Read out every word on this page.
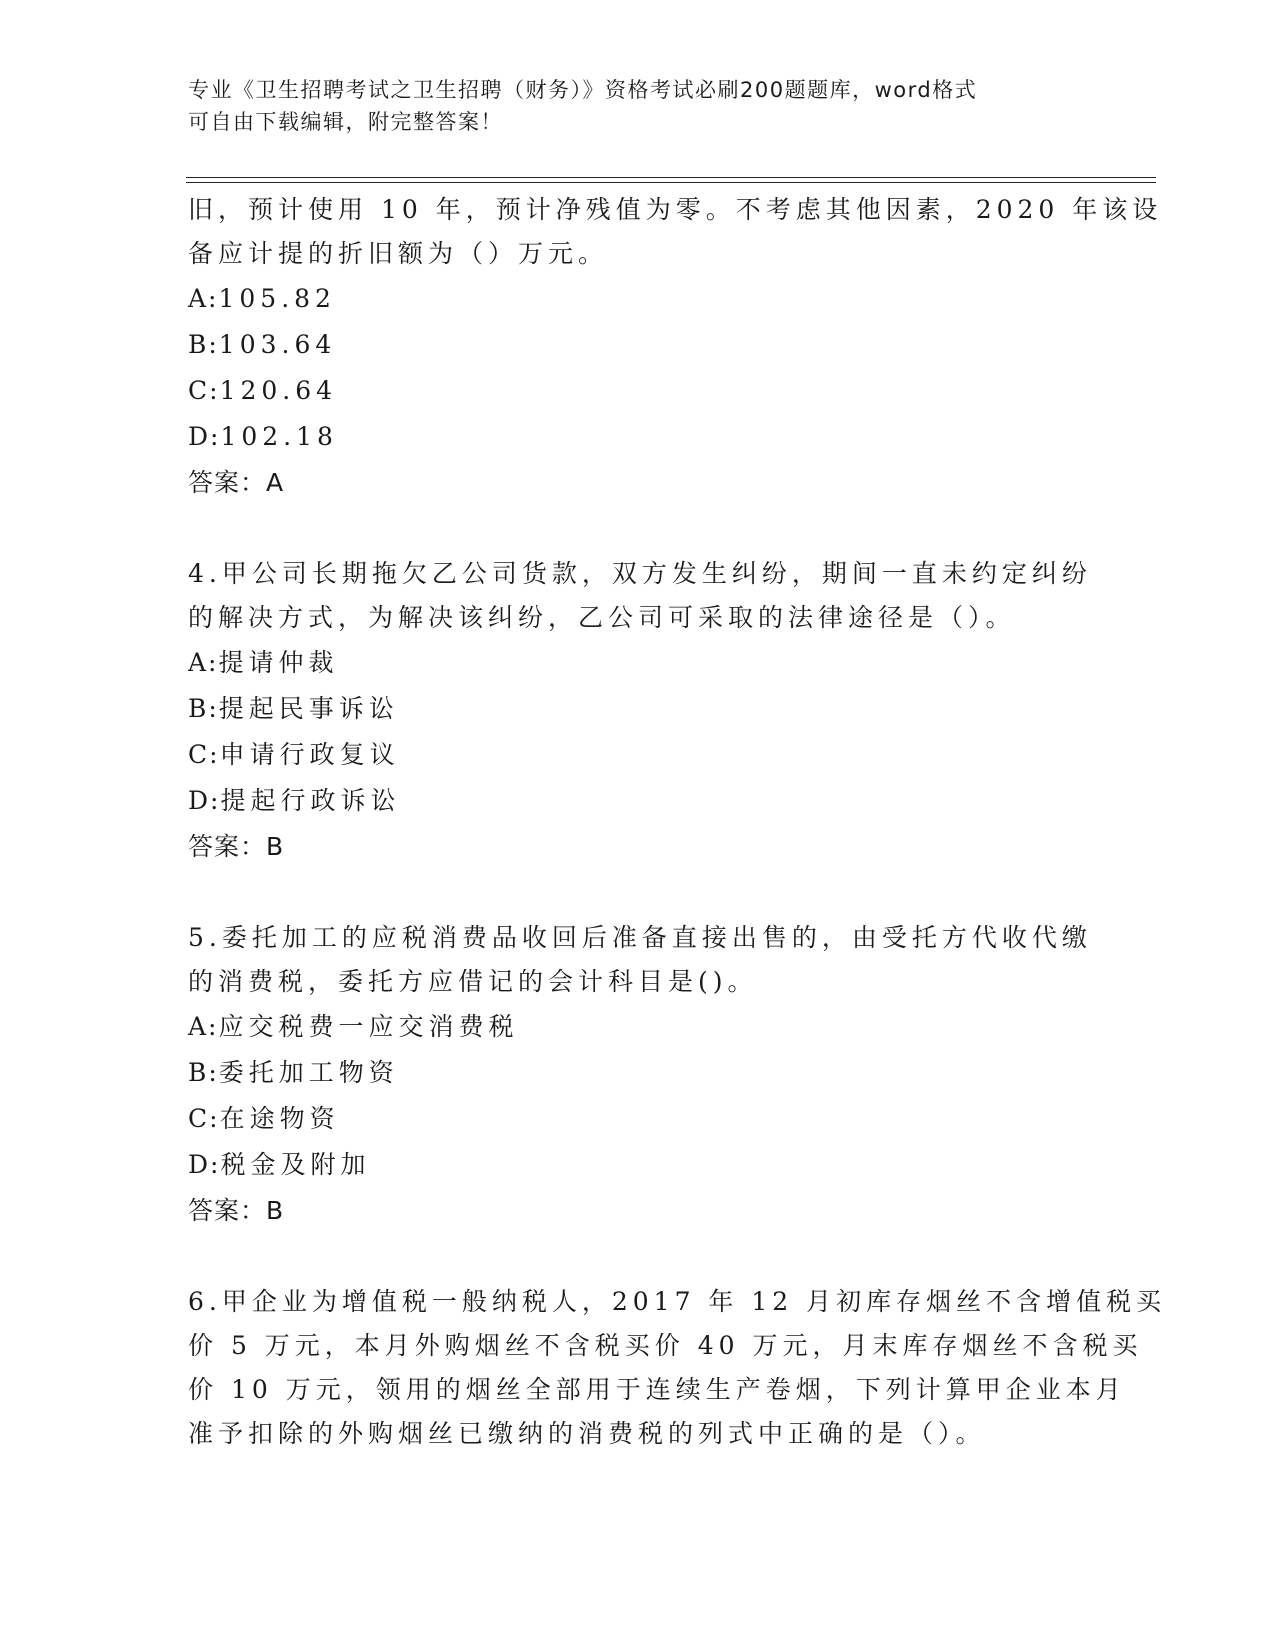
专业《卫生招聘考试之卫生招聘（财务）》资格考试必刷200题题库，word格式
可自由下载编辑，附完整答案！
旧，预计使用 10 年，预计净残值为零。不考虑其他因素，2020 年该设
备应计提的折旧额为（）万元。
A:105.82
B:103.64
C:120.64
D:102.18
答案：A
4.甲公司长期拖欠乙公司货款，双方发生纠纷，期间一直未约定纠纷
的解决方式，为解决该纠纷，乙公司可采取的法律途径是（）。
A:提请仲裁
B:提起民事诉讼
C:申请行政复议
D:提起行政诉讼
答案：B
5.委托加工的应税消费品收回后准备直接出售的，由受托方代收代缴
的消费税，委托方应借记的会计科目是()。
A:应交税费一应交消费税
B:委托加工物资
C:在途物资
D:税金及附加
答案：B
6.甲企业为增值税一般纳税人，2017 年 12 月初库存烟丝不含增值税买
价 5 万元，本月外购烟丝不含税买价 40 万元，月末库存烟丝不含税买
价 10 万元，领用的烟丝全部用于连续生产卷烟，下列计算甲企业本月
准予扣除的外购烟丝已缴纳的消费税的列式中正确的是（）。
